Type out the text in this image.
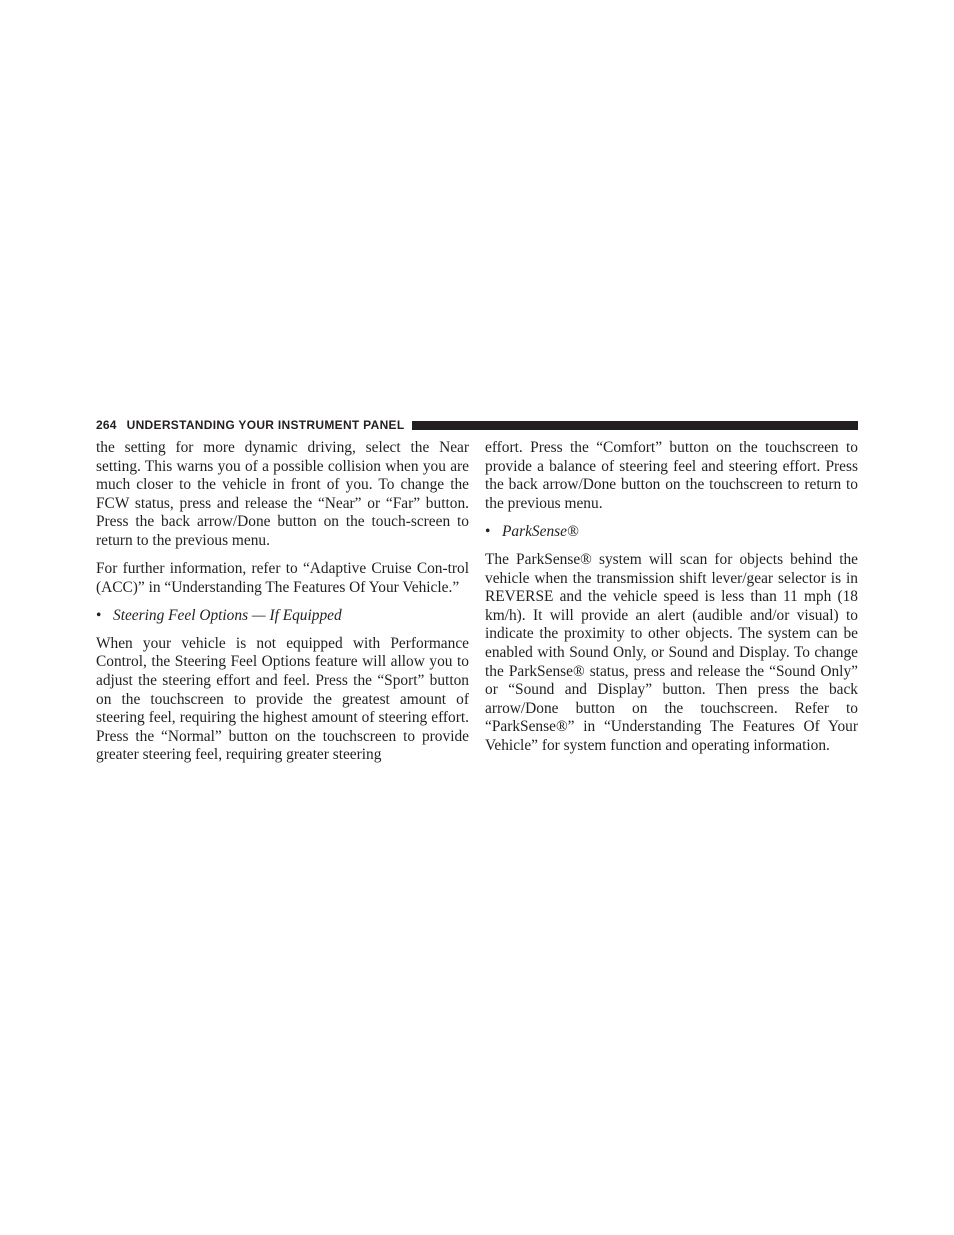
264 UNDERSTANDING YOUR INSTRUMENT PANEL

the setting for more dynamic driving, select the Near setting. This warns you of a possible collision when you are much closer to the vehicle in front of you. To change the FCW status, press and release the “Near” or “Far” button. Press the back arrow/Done button on the touch-screen to return to the previous menu.

For further information, refer to “Adaptive Cruise Con-trol (ACC)” in “Understanding The Features Of Your Vehicle.”

• Steering Feel Options — If Equipped

When your vehicle is not equipped with Performance Control, the Steering Feel Options feature will allow you to adjust the steering effort and feel. Press the “Sport” button on the touchscreen to provide the greatest amount of steering feel, requiring the highest amount of steering effort. Press the “Normal” button on the touchscreen to provide greater steering feel, requiring greater steering

effort. Press the “Comfort” button on the touchscreen to provide a balance of steering feel and steering effort. Press the back arrow/Done button on the touchscreen to return to the previous menu.

• ParkSense®

The ParkSense® system will scan for objects behind the vehicle when the transmission shift lever/gear selector is in REVERSE and the vehicle speed is less than 11 mph (18 km/h). It will provide an alert (audible and/or visual) to indicate the proximity to other objects. The system can be enabled with Sound Only, or Sound and Display. To change the ParkSense® status, press and release the “Sound Only” or “Sound and Display” button. Then press the back arrow/Done button on the touchscreen. Refer to “ParkSense®” in “Understanding The Features Of Your Vehicle” for system function and operating information.
